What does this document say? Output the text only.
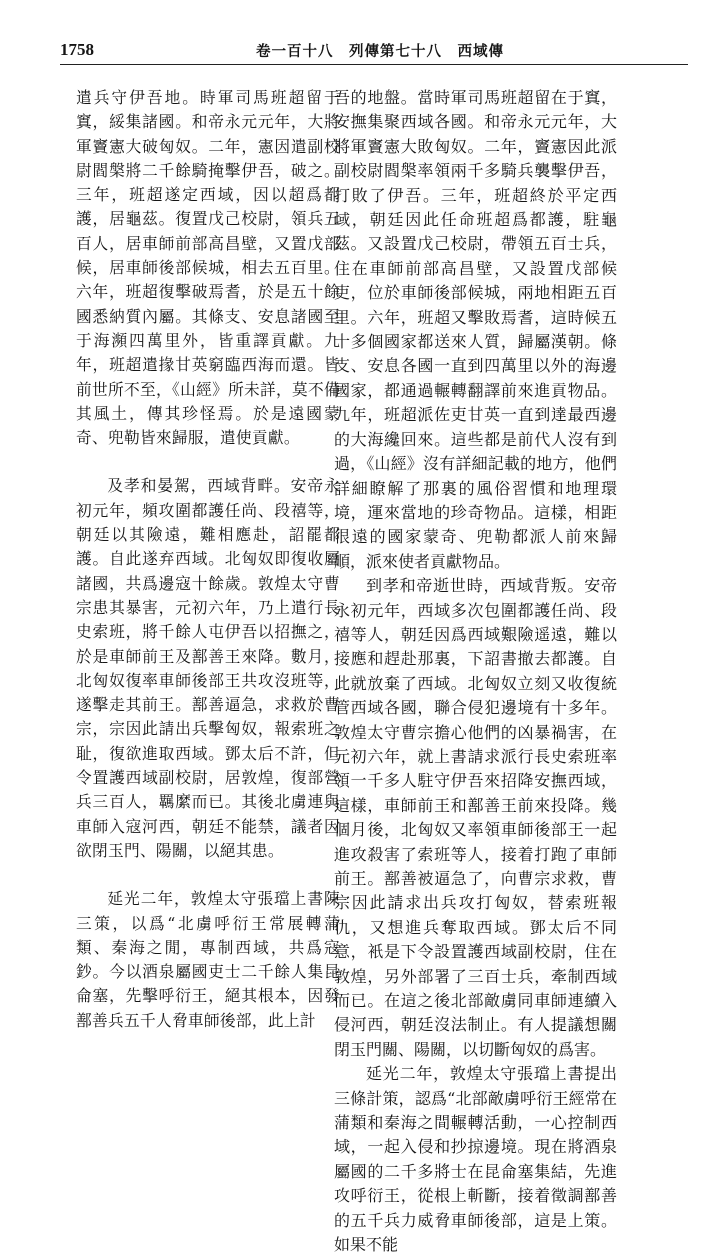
1758	卷一百十八　列傳第七十八　西域傳

遣兵守伊吾地。時軍司馬班超留于窴，綏集諸國。和帝永元元年，大將軍竇憲大破匈奴。二年，憲因遣副校尉閻槃將二千餘騎掩擊伊吾，破之。三年，班超遂定西域，因以超爲都護，居龜茲。復置戊己校尉，領兵五百人，居車師前部高昌壁，又置戊部候，居車師後部候城，相去五百里。六年，班超復擊破焉耆，於是五十餘國悉納質內屬。其條支、安息諸國至于海瀕四萬里外，皆重譯貢獻。九年，班超遣掾甘英窮臨西海而還。皆前世所不至，《山經》所未詳，莫不備其風土，傳其珍怪焉。於是遠國蒙奇、兜勒皆來歸服，遣使貢獻。

及孝和晏駕，西域背畔。安帝永初元年，頻攻圍都護任尚、段禧等，朝廷以其險遠，難相應赴，詔罷都護。自此遂弃西域。北匈奴即復收屬諸國，共爲邊寇十餘歲。敦煌太守曹宗患其暴害，元初六年，乃上遣行長史索班，將千餘人屯伊吾以招撫之，於是車師前王及鄯善王來降。數月，北匈奴復率車師後部王共攻沒班等，遂擊走其前王。鄯善逼急，求救於曹宗，宗因此請出兵擊匈奴，報索班之耻，復欲進取西域。鄧太后不許，但令置護西域副校尉，居敦煌，復部營兵三百人，羈縻而已。其後北虜連與車師入寇河西，朝廷不能禁，議者因欲閉玉門、陽關，以絕其患。

延光二年，敦煌太守張璫上書陳三策，以爲“北虜呼衍王常展轉蒲類、秦海之閒，專制西域，共爲寇鈔。今以酒泉屬國吏士二千餘人集昆侖塞，先擊呼衍王，絕其根本，因發鄯善兵五千人脅車師後部，此上計

吾的地盤。當時軍司馬班超留在于窴，安撫集聚西域各國。和帝永元元年，大將軍竇憲大敗匈奴。二年，竇憲因此派副校尉閻槃率領兩千多騎兵襲擊伊吾，打敗了伊吾。三年，班超終於平定西域，朝廷因此任命班超爲都護，駐龜茲。又設置戊己校尉，帶領五百士兵，住在車師前部高昌壁，又設置戊部候吏，位於車師後部候城，兩地相距五百里。六年，班超又擊敗焉耆，這時候五十多個國家都送來人質，歸屬漢朝。條支、安息各國一直到四萬里以外的海邊國家，都通過輾轉翻譯前來進貢物品。九年，班超派佐吏甘英一直到達最西邊的大海纔回來。這些都是前代人沒有到過，《山經》沒有詳細記載的地方，他們詳細瞭解了那裏的風俗習慣和地理環境，運來當地的珍奇物品。這樣，相距很遠的國家蒙奇、兜勒都派人前來歸順，派來使者貢獻物品。

到孝和帝逝世時，西域背叛。安帝永初元年，西域多次包圍都護任尚、段禧等人，朝廷因爲西域艱險遥遠，難以接應和趕赴那裏，下詔書撤去都護。自此就放棄了西域。北匈奴立刻又收復統管西域各國，聯合侵犯邊境有十多年。敦煌太守曹宗擔心他們的凶暴禍害，在元初六年，就上書請求派行長史索班率領一千多人駐守伊吾來招降安撫西域，這樣，車師前王和鄯善王前來投降。幾個月後，北匈奴又率領車師後部王一起進攻殺害了索班等人，接着打跑了車師前王。鄯善被逼急了，向曹宗求救，曹宗因此請求出兵攻打匈奴，替索班報仇，又想進兵奪取西域。鄧太后不同意，衹是下令設置護西域副校尉，住在敦煌，另外部署了三百士兵，牽制西域而已。在這之後北部敵虜同車師連續入侵河西，朝廷沒法制止。有人提議想關閉玉門關、陽關，以切斷匈奴的爲害。

延光二年，敦煌太守張璫上書提出三條計策，認爲“北部敵虜呼衍王經常在蒲類和秦海之間輾轉活動，一心控制西域，一起入侵和抄掠邊境。現在將酒泉屬國的二千多將士在昆侖塞集結，先進攻呼衍王，從根上斬斷，接着徵調鄯善的五千兵力威脅車師後部，這是上策。如果不能
